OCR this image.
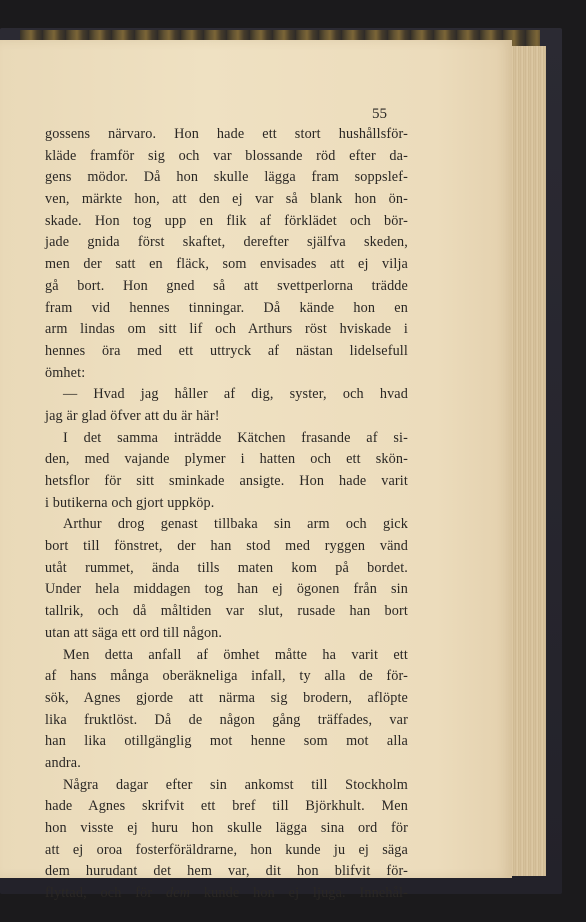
55
gossens närvaro. Hon hade ett stort hushållsför-
kläde framför sig och var blossande röd efter da-
gens mödor. Då hon skulle lägga fram soppslef-
ven, märkte hon, att den ej var så blank hon ön-
skade. Hon tog upp en flik af förklädet och bör-
jade gnida först skaftet, derefter själfva skeden,
men der satt en fläck, som envisades att ej vilja
gå bort. Hon gned så att svettperlorna trädde
fram vid hennes tinningar. Då kände hon en
arm lindas om sitt lif och Arthurs röst hviskade i
hennes öra med ett uttryck af nästan lidelsefull
ömhet:
— Hvad jag håller af dig, syster, och hvad
jag är glad öfver att du är här!
I det samma inträdde Kätchen frasande af si-
den, med vajande plymer i hatten och ett skön-
hetsflor för sitt sminkade ansigte. Hon hade varit
i butikerna och gjort uppköp.
Arthur drog genast tillbaka sin arm och gick
bort till fönstret, der han stod med ryggen vänd
utåt rummet, ända tills maten kom på bordet.
Under hela middagen tog han ej ögonen från sin
tallrik, och då måltiden var slut, rusade han bort
utan att säga ett ord till någon.
Men detta anfall af ömhet måtte ha varit ett
af hans många oberäkneliga infall, ty alla de för-
sök, Agnes gjorde att närma sig brodern, aflöpte
lika fruktlöst. Då de någon gång träffades, var
han lika otillgänglig mot henne som mot alla
andra.
Några dagar efter sin ankomst till Stockholm
hade Agnes skrifvit ett bref till Björkhult. Men
hon visste ej huru hon skulle lägga sina ord för
att ej oroa fosterföräldrarne, hon kunde ju ej säga
dem hurudant det hem var, dit hon blifvit för-
flyttad, och för dem kunde hon ej ljuga. Innehål-
